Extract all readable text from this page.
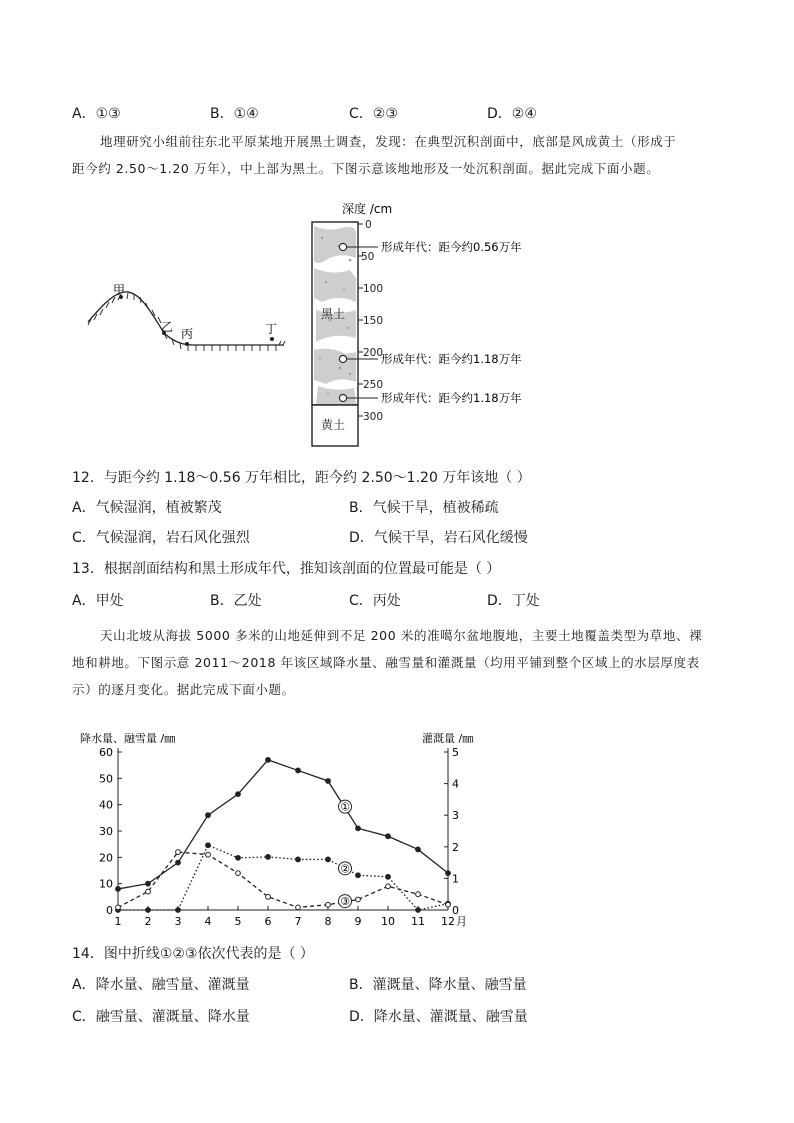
A．①③	B．①④	C．②③	D．②④
地理研究小组前往东北平原某地开展黑土调查，发现：在典型沉积剖面中，底部是风成黄土（形成于
距今约 2.50～1.20 万年），中上部为黑土。下图示意该地地形及一处沉积剖面。据此完成下面小题。
甲
乙 丙	丁
深度 /cm
黑土
黄土
0
50
100
150
200
250
300
形成年代：距今约0.56万年
形成年代：距今约1.18万年
形成年代：距今约1.18万年
12．与距今约 1.18～0.56 万年相比，距今约 2.50～1.20 万年该地（ ）
A．气候湿润，植被繁茂	B．气候干旱，植被稀疏
C．气候湿润，岩石风化强烈	D．气候干旱，岩石风化缓慢
13．根据剖面结构和黑土形成年代，推知该剖面的位置最可能是（ ）
A．甲处	B．乙处	C．丙处	D．丁处
天山北坡从海拔 5000 多米的山地延伸到不足 200 米的准噶尔盆地腹地，主要土地覆盖类型为草地、裸
地和耕地。下图示意 2011～2018 年该区域降水量、融雪量和灌溉量（均用平铺到整个区域上的水层厚度表
示）的逐月变化。据此完成下面小题。
降水量、融雪量 /㎜	灌溉量 /㎜
0
10
20
30
40
50
60
0
1
2
3
4
5
1 2 3 4 5 6 7 8 9 10 11 12 月
①
②
③
14．图中折线①②③依次代表的是（ ）
A．降水量、融雪量、灌溉量	B．灌溉量、降水量、融雪量
C．融雪量、灌溉量、降水量	D．降水量、灌溉量、融雪量
